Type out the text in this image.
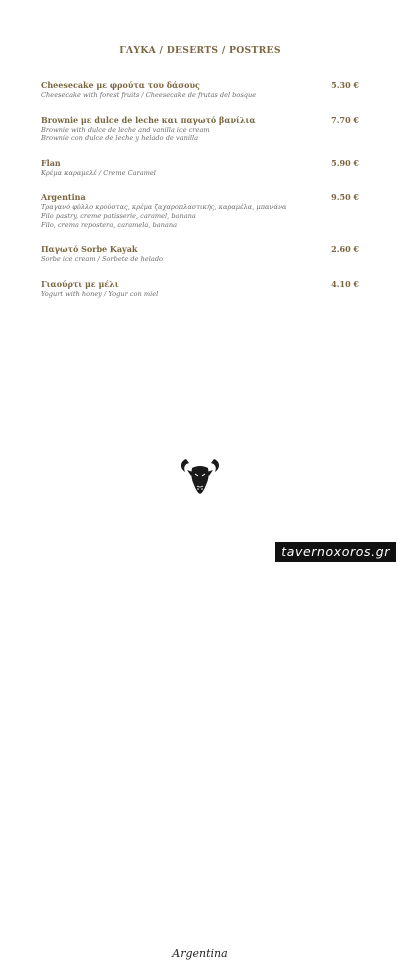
ΓΛΥΚΑ / DESERTS / POSTRES
Cheesecake με φρούτα του δάσους	5.30 €
Cheesecake with forest fruits / Cheesecake de frutas del bosque
Brownie με dulce de leche και παγωτό βανίλια	7.70 €
Brownie with dulce de leche and vanilla ice cream
Brownie con dulce de leche y helado de vanilla
Flan	5.90 €
Κρέμα καραμελέ / Creme Caramel
Argentina	9.50 €
Τραγανό φύλλο κρούστας, κρέμα ζαχαροπλαστικής, καραμέλα, μπανάνα
Filo pastry, creme patisserie, caramel, banana
Filo, crema repostera, caramela, banana
Παγωτό Sorbe Kayak	2.60 €
Sorbe ice cream / Sorbete de helado
Γιαούρτι με μέλι	4.10 €
Yogurt with honey / Yogur con miel
Argentina
tavernoxoros.gr
